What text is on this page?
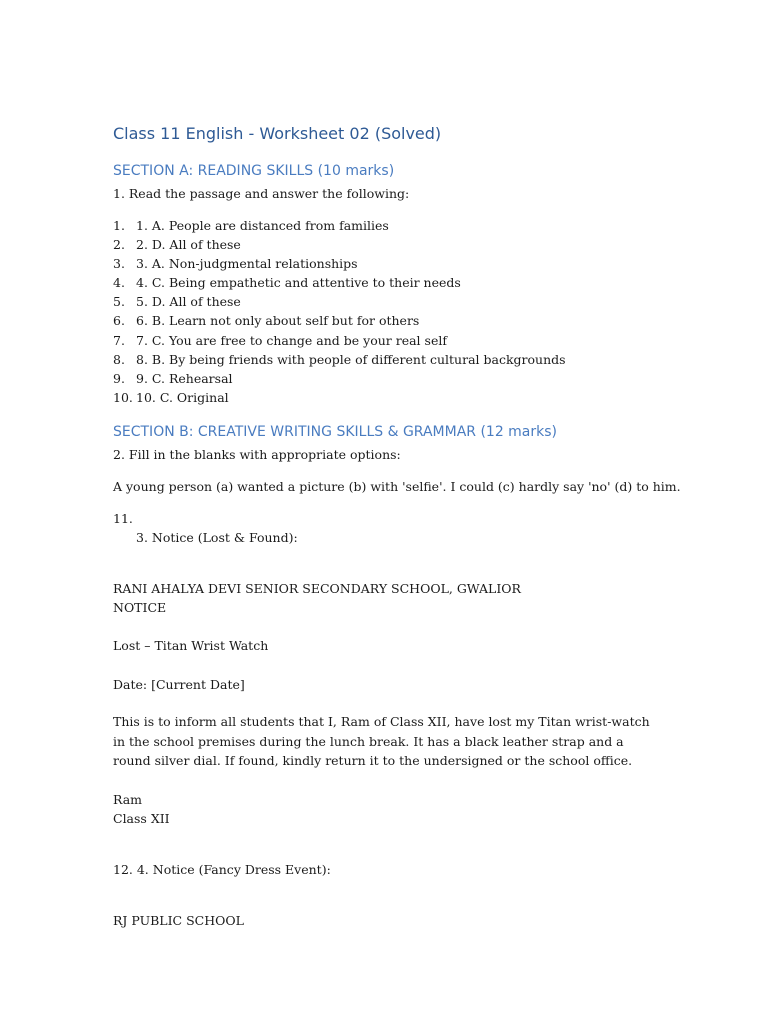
Class 11 English - Worksheet 02 (Solved)
SECTION A: READING SKILLS (10 marks)
1. Read the passage and answer the following:
1. 1. A. People are distanced from families
2. 2. D. All of these
3. 3. A. Non-judgmental relationships
4. 4. C. Being empathetic and attentive to their needs
5. 5. D. All of these
6. 6. B. Learn not only about self but for others
7. 7. C. You are free to change and be your real self
8. 8. B. By being friends with people of different cultural backgrounds
9. 9. C. Rehearsal
10. 10. C. Original
SECTION B: CREATIVE WRITING SKILLS & GRAMMAR (12 marks)
2. Fill in the blanks with appropriate options:
A young person (a) wanted a picture (b) with 'selfie'. I could (c) hardly say 'no' (d) to him.
11.
3. Notice (Lost & Found):
RANI AHALYA DEVI SENIOR SECONDARY SCHOOL, GWALIOR
NOTICE
Lost – Titan Wrist Watch
Date: [Current Date]
This is to inform all students that I, Ram of Class XII, have lost my Titan wrist-watch in the school premises during the lunch break. It has a black leather strap and a round silver dial. If found, kindly return it to the undersigned or the school office.
Ram
Class XII
12. 4. Notice (Fancy Dress Event):
RJ PUBLIC SCHOOL
